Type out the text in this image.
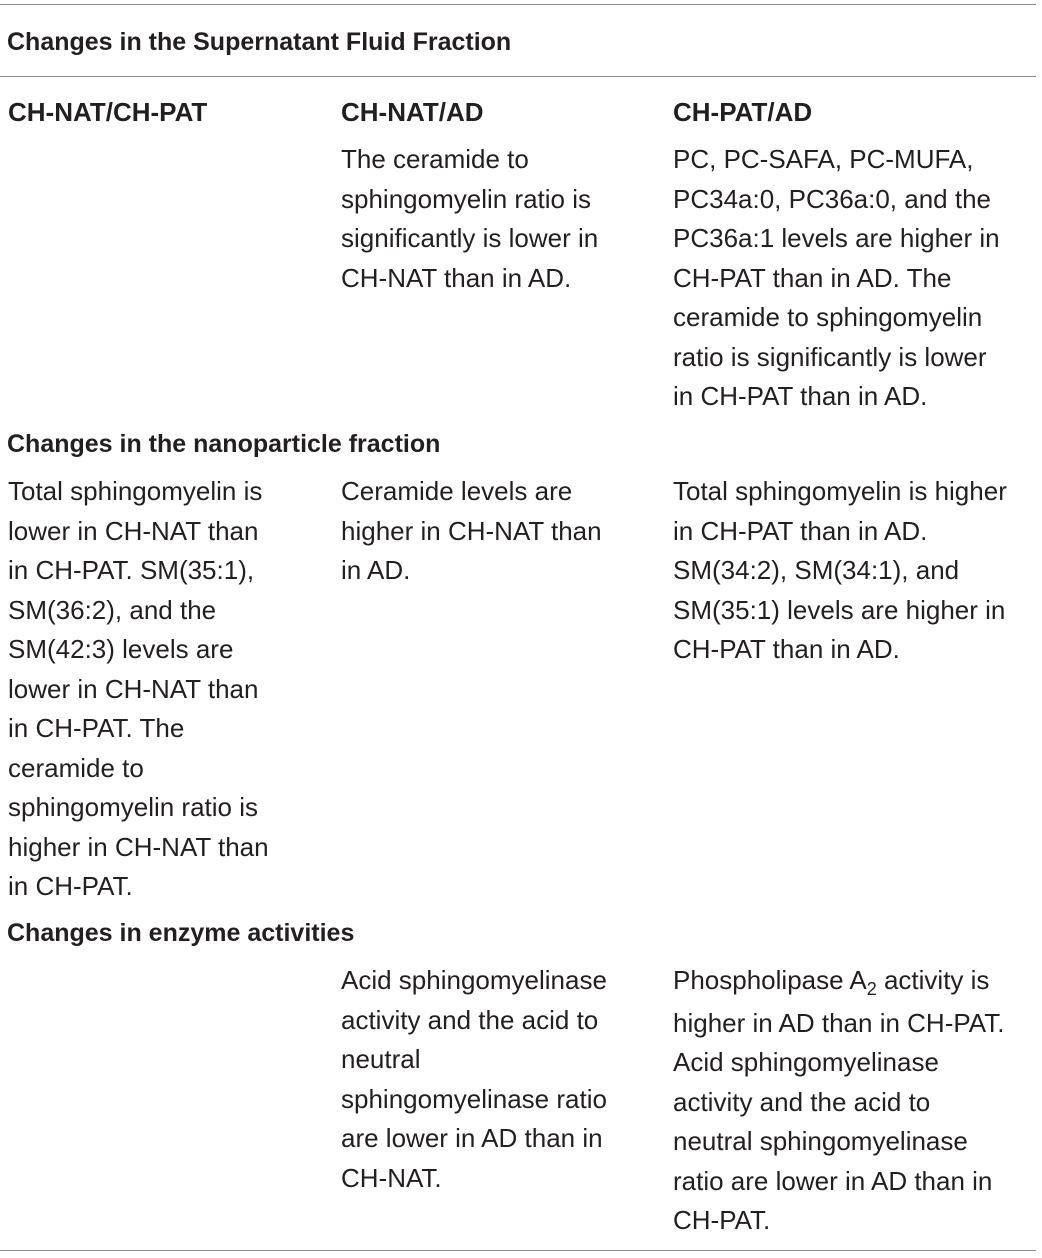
Changes in the Supernatant Fluid Fraction
CH-NAT/CH-PAT	CH-NAT/AD	CH-PAT/AD
The ceramide to
sphingomyelin ratio is
significantly is lower in
CH-NAT than in AD.
PC, PC-SAFA, PC-MUFA,
PC34a:0, PC36a:0, and the
PC36a:1 levels are higher in
CH-PAT than in AD. The
ceramide to sphingomyelin
ratio is significantly is lower
in CH-PAT than in AD.
Changes in the nanoparticle fraction
Total sphingomyelin is
lower in CH-NAT than
in CH-PAT. SM(35:1),
SM(36:2), and the
SM(42:3) levels are
lower in CH-NAT than
in CH-PAT. The
ceramide to
sphingomyelin ratio is
higher in CH-NAT than
in CH-PAT.
Ceramide levels are
higher in CH-NAT than
in AD.
Total sphingomyelin is higher
in CH-PAT than in AD.
SM(34:2), SM(34:1), and
SM(35:1) levels are higher in
CH-PAT than in AD.
Changes in enzyme activities
Acid sphingomyelinase
activity and the acid to
neutral
sphingomyelinase ratio
are lower in AD than in
CH-NAT.
Phospholipase $A_2$ activity is
higher in AD than in CH-PAT.
Acid sphingomyelinase
activity and the acid to
neutral sphingomyelinase
ratio are lower in AD than in
CH-PAT.
